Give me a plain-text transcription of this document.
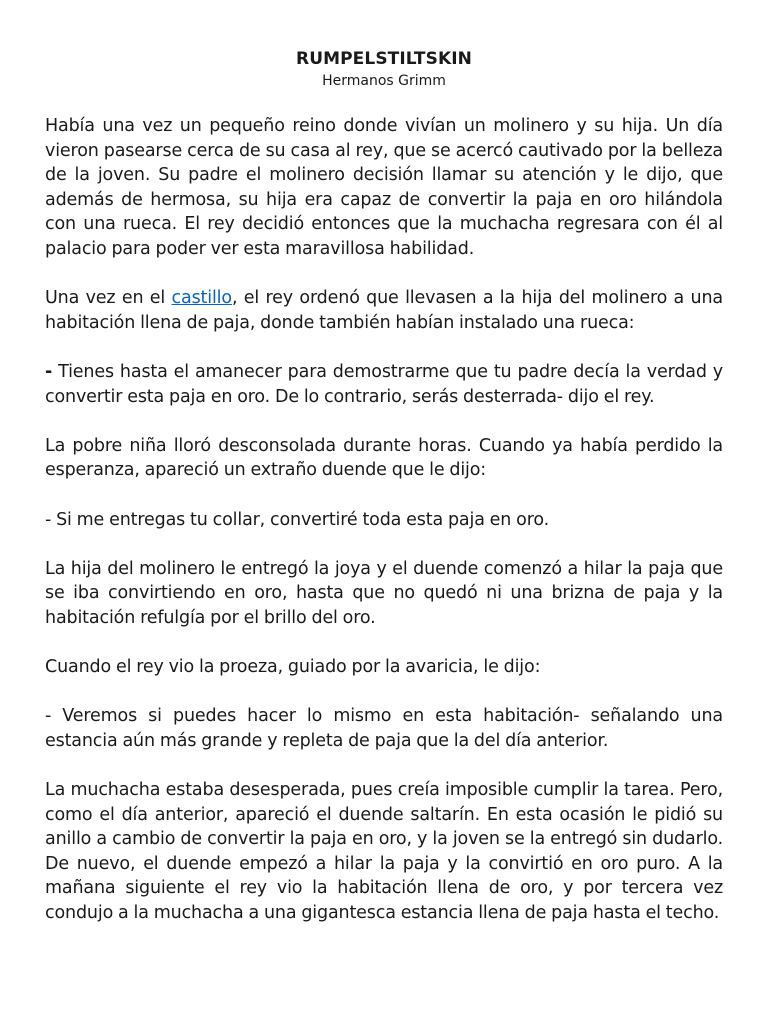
RUMPELSTILTSKIN
Hermanos Grimm

Había una vez un pequeño reino donde vivían un molinero y su hija. Un día vieron pasearse cerca de su casa al rey, que se acercó cautivado por la belleza de la joven. Su padre el molinero decisión llamar su atención y le dijo, que además de hermosa, su hija era capaz de convertir la paja en oro hilándola con una rueca. El rey decidió entonces que la muchacha regresara con él al palacio para poder ver esta maravillosa habilidad.

Una vez en el castillo, el rey ordenó que llevasen a la hija del molinero a una habitación llena de paja, donde también habían instalado una rueca:

- Tienes hasta el amanecer para demostrarme que tu padre decía la verdad y convertir esta paja en oro. De lo contrario, serás desterrada- dijo el rey.

La pobre niña lloró desconsolada durante horas. Cuando ya había perdido la esperanza, apareció un extraño duende que le dijo:

- Si me entregas tu collar, convertiré toda esta paja en oro.

La hija del molinero le entregó la joya y el duende comenzó a hilar la paja que se iba convirtiendo en oro, hasta que no quedó ni una brizna de paja y la habitación refulgía por el brillo del oro.

Cuando el rey vio la proeza, guiado por la avaricia, le dijo:

- Veremos si puedes hacer lo mismo en esta habitación- señalando una estancia aún más grande y repleta de paja que la del día anterior.

La muchacha estaba desesperada, pues creía imposible cumplir la tarea. Pero, como el día anterior, apareció el duende saltarín. En esta ocasión le pidió su anillo a cambio de convertir la paja en oro, y la joven se la entregó sin dudarlo. De nuevo, el duende empezó a hilar la paja y la convirtió en oro puro. A la mañana siguiente el rey vio la habitación llena de oro, y por tercera vez condujo a la muchacha a una gigantesca estancia llena de paja hasta el techo.
